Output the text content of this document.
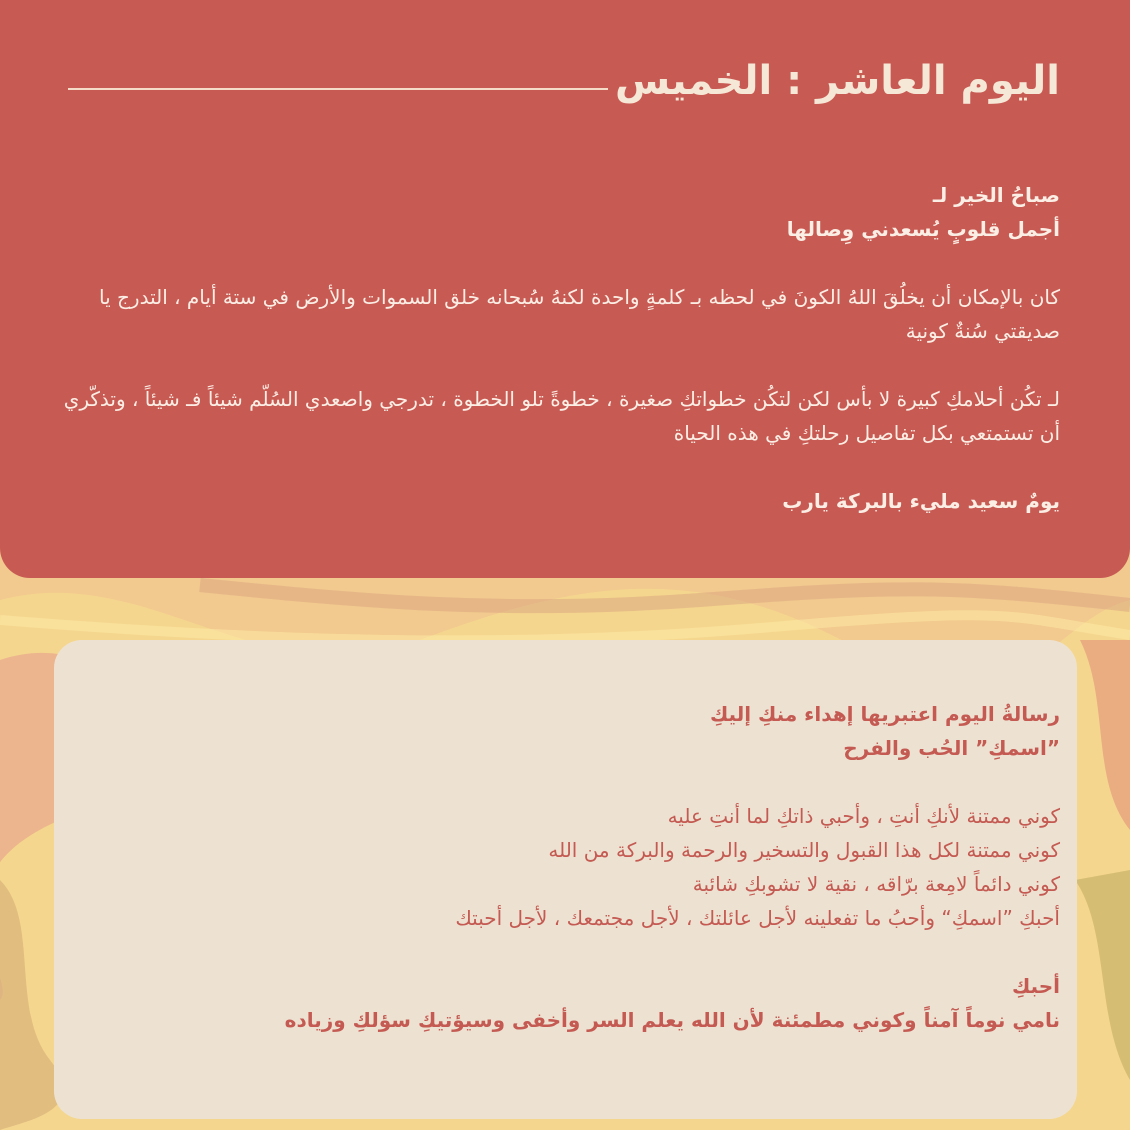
اليوم العاشر : الخميس

صباحُ الخير لـ
أجمل قلوبٍ يُسعدني وِصالها

كان بالإمكان أن يخلُقَ اللهُ الكونَ في لحظه بـ كلمةٍ واحدة لكنهُ سُبحانه خلق السموات والأرض في ستة أيام ، التدرج يا صديقتي سُنةٌ كونية

لـ تكُن أحلامكِ كبيرة لا بأس لكن لتكُن خطواتكِ صغيرة ، خطوةً تلو الخطوة ، تدرجي واصعدي السُلّم شيئاً فـ شيئاً ، وتذكّري أن تستمتعي بكل تفاصيل رحلتكِ في هذه الحياة

يومٌ سعيد مليء بالبركة يارب

رسالةُ اليوم اعتبريها إهداء منكِ إليكِ
”اسمكِ” الحُب والفرح

كوني ممتنة لأنكِ أنتِ ، وأحبي ذاتكِ لما أنتِ عليه
كوني ممتنة لكل هذا القبول والتسخير والرحمة والبركة من الله
كوني دائماً لامِعة برّاقه ، نقية لا تشوبكِ شائبة
أحبكِ ”اسمكِ“ وأحبُ ما تفعلينه لأجل عائلتك ، لأجل مجتمعك ، لأجل أحبتك

أحبكِ
نامي نوماً آمناً وكوني مطمئنة لأن الله يعلم السر وأخفى وسيؤتيكِ سؤلكِ وزياده
